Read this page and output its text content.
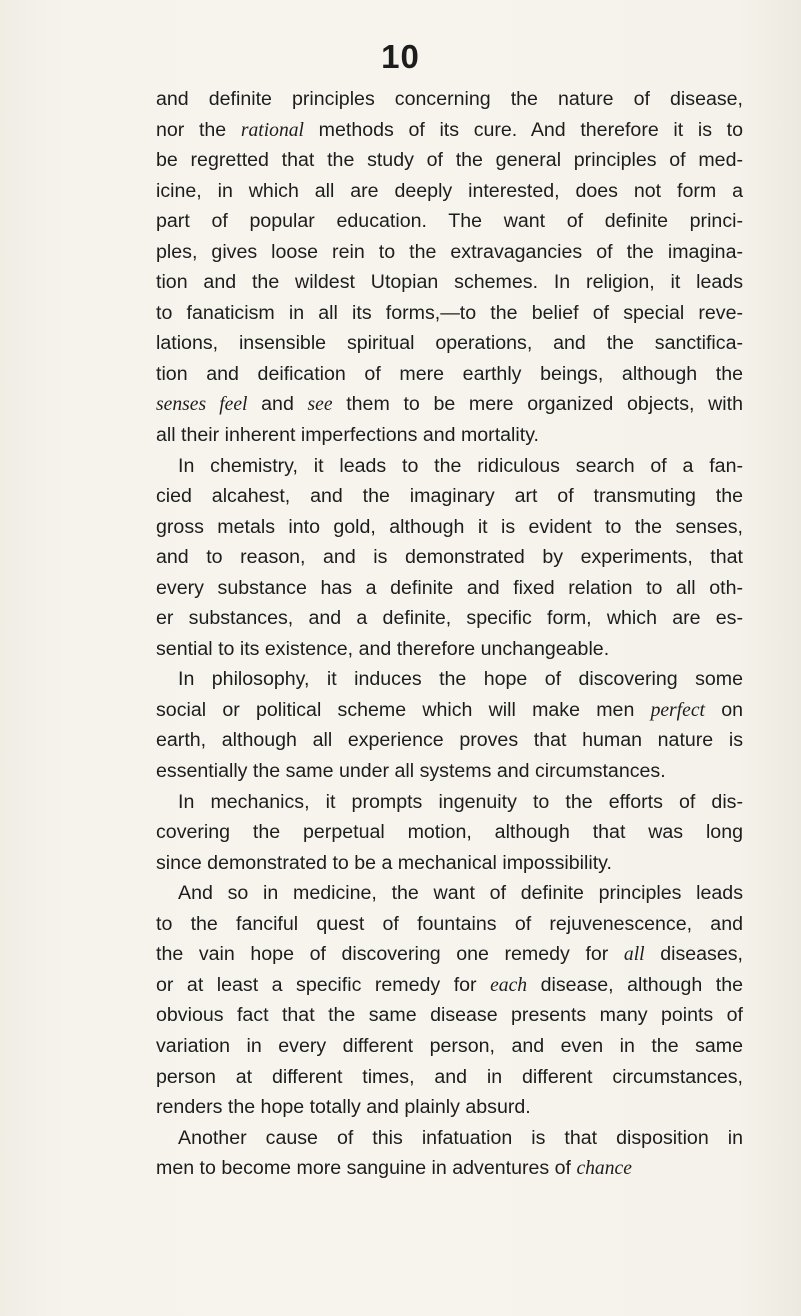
10
and definite principles concerning the nature of disease,
nor the rational methods of its cure. And therefore it is to
be regretted that the study of the general principles of med-
icine, in which all are deeply interested, does not form a
part of popular education. The want of definite princi-
ples, gives loose rein to the extravagancies of the imagina-
tion and the wildest Utopian schemes. In religion, it leads
to fanaticism in all its forms,—to the belief of special reve-
lations, insensible spiritual operations, and the sanctifica-
tion and deification of mere earthly beings, although the
senses feel and see them to be mere organized objects, with
all their inherent imperfections and mortality.
In chemistry, it leads to the ridiculous search of a fan-
cied alcahest, and the imaginary art of transmuting the
gross metals into gold, although it is evident to the senses,
and to reason, and is demonstrated by experiments, that
every substance has a definite and fixed relation to all oth-
er substances, and a definite, specific form, which are es-
sential to its existence, and therefore unchangeable.
In philosophy, it induces the hope of discovering some
social or political scheme which will make men perfect on
earth, although all experience proves that human nature is
essentially the same under all systems and circumstances.
In mechanics, it prompts ingenuity to the efforts of dis-
covering the perpetual motion, although that was long
since demonstrated to be a mechanical impossibility.
And so in medicine, the want of definite principles leads
to the fanciful quest of fountains of rejuvenescence, and
the vain hope of discovering one remedy for all diseases,
or at least a specific remedy for each disease, although the
obvious fact that the same disease presents many points of
variation in every different person, and even in the same
person at different times, and in different circumstances,
renders the hope totally and plainly absurd.
Another cause of this infatuation is that disposition in
men to become more sanguine in adventures of chance
